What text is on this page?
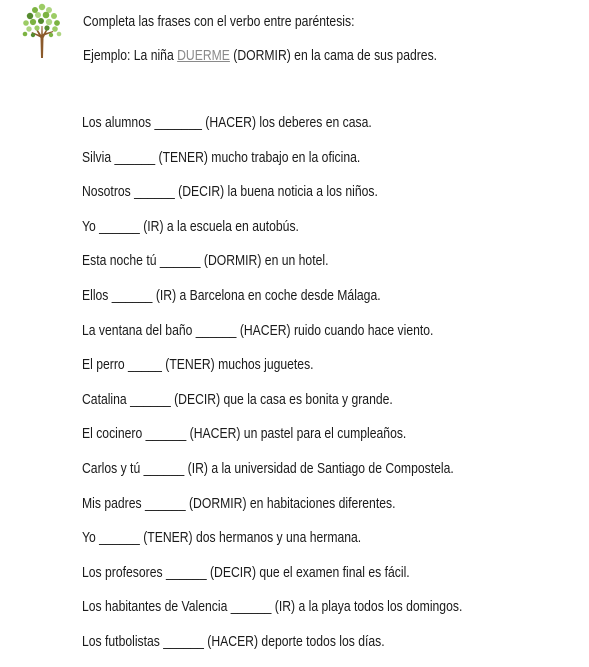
Completa las frases con el verbo entre paréntesis:
Ejemplo: La niña DUERME (DORMIR) en la cama de sus padres.
Los alumnos _______ (HACER) los deberes en casa.
Silvia ______ (TENER) mucho trabajo en la oficina.
Nosotros ______ (DECIR) la buena noticia a los niños.
Yo ______ (IR) a la escuela en autobús.
Esta noche tú ______ (DORMIR) en un hotel.
Ellos ______ (IR) a Barcelona en coche desde Málaga.
La ventana del baño ______ (HACER) ruido cuando hace viento.
El perro _____ (TENER) muchos juguetes.
Catalina ______ (DECIR) que la casa es bonita y grande.
El cocinero ______ (HACER) un pastel para el cumpleaños.
Carlos y tú ______ (IR) a la universidad de Santiago de Compostela.
Mis padres ______ (DORMIR) en habitaciones diferentes.
Yo ______ (TENER) dos hermanos y una hermana.
Los profesores ______ (DECIR) que el examen final es fácil.
Los habitantes de Valencia ______ (IR) a la playa todos los domingos.
Los futbolistas ______ (HACER) deporte todos los días.
